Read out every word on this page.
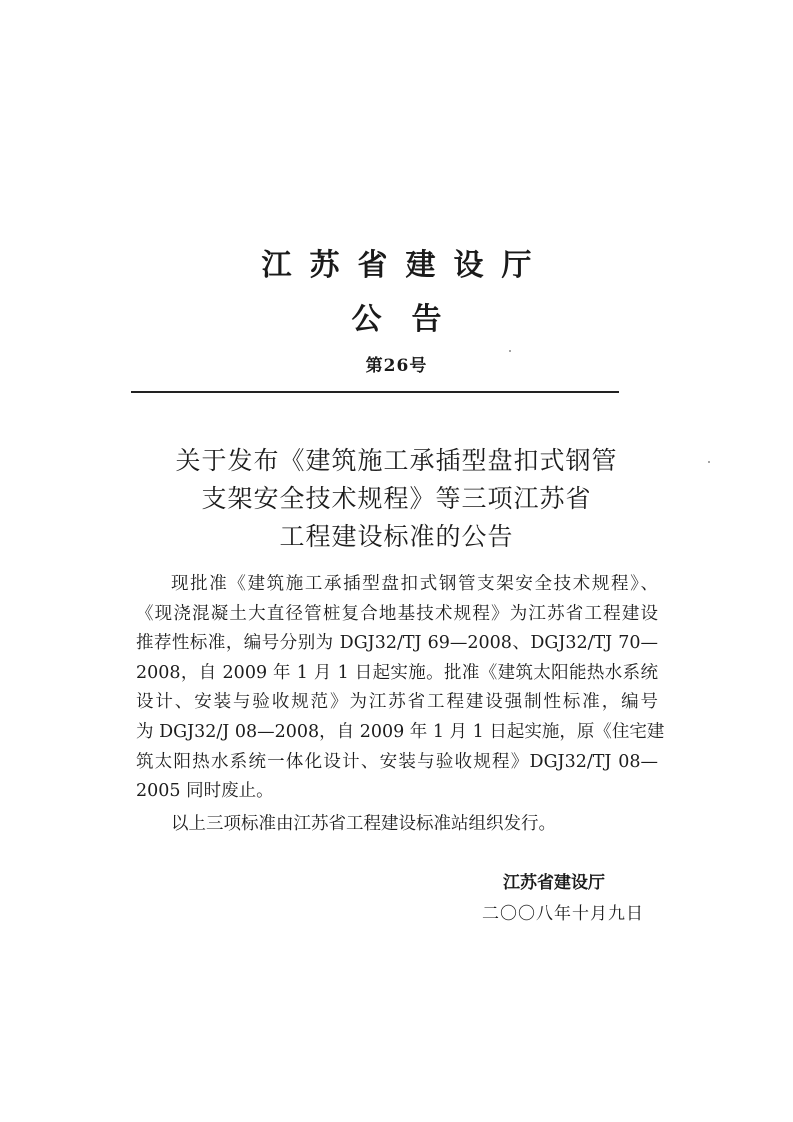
江苏省建设厅
公告
第26号
关于发布《建筑施工承插型盘扣式钢管
支架安全技术规程》等三项江苏省
工程建设标准的公告
现批准《建筑施工承插型盘扣式钢管支架安全技术规程》、
《现浇混凝土大直径管桩复合地基技术规程》为江苏省工程建设
推荐性标准，编号分别为 DGJ32/TJ 69—2008、DGJ32/TJ 70—
2008，自 2009 年 1 月 1 日起实施。批准《建筑太阳能热水系统
设计、安装与验收规范》为江苏省工程建设强制性标准，编号
为 DGJ32/J 08—2008，自 2009 年 1 月 1 日起实施，原《住宅建
筑太阳热水系统一体化设计、安装与验收规程》DGJ32/TJ 08—
2005 同时废止。
以上三项标准由江苏省工程建设标准站组织发行。
江苏省建设厅
二〇〇八年十月九日
